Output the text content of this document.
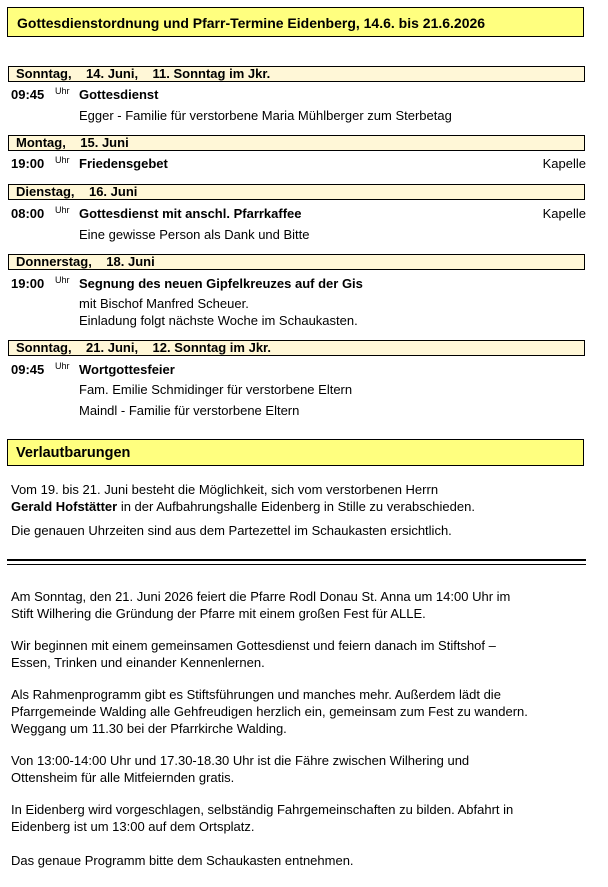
Gottesdienstordnung und Pfarr-Termine Eidenberg, 14.6. bis 21.6.2026
Sonntag,    14. Juni,    11. Sonntag im Jkr.
09:45 Uhr Gottesdienst
Egger - Familie für verstorbene Maria Mühlberger zum Sterbetag
Montag,    15. Juni
19:00 Uhr Friedensgebet	Kapelle
Dienstag,    16. Juni
08:00 Uhr Gottesdienst mit anschl. Pfarrkaffee	Kapelle
Eine gewisse Person als Dank und Bitte
Donnerstag,    18. Juni
19:00 Uhr Segnung des neuen Gipfelkreuzes auf der Gis
mit Bischof Manfred Scheuer.
Einladung folgt nächste Woche im Schaukasten.
Sonntag,    21. Juni,    12. Sonntag im Jkr.
09:45 Uhr Wortgottesfeier
Fam. Emilie Schmidinger für verstorbene Eltern
Maindl - Familie für verstorbene Eltern
Verlautbarungen
Vom 19. bis 21. Juni besteht die Möglichkeit, sich vom verstorbenen Herrn
Gerald Hofstätter in der Aufbahrungshalle Eidenberg in Stille zu verabschieden.
Die genauen Uhrzeiten sind aus dem Partezettel im Schaukasten ersichtlich.
Am Sonntag, den 21. Juni 2026 feiert die Pfarre Rodl Donau St. Anna um 14:00 Uhr im
Stift Wilhering die Gründung der Pfarre mit einem großen Fest für ALLE.
Wir beginnen mit einem gemeinsamen Gottesdienst und feiern danach im Stiftshof –
Essen, Trinken und einander Kennenlernen.
Als Rahmenprogramm gibt es Stiftsführungen und manches mehr. Außerdem lädt die
Pfarrgemeinde Walding alle Gehfreudigen herzlich ein, gemeinsam zum Fest zu wandern.
Weggang um 11.30 bei der Pfarrkirche Walding.
Von 13:00-14:00 Uhr und 17.30-18.30 Uhr ist die Fähre zwischen Wilhering und
Ottensheim für alle Mitfeiernden gratis.
In Eidenberg wird vorgeschlagen, selbständig Fahrgemeinschaften zu bilden. Abfahrt in
Eidenberg ist um 13:00 auf dem Ortsplatz.
Das genaue Programm bitte dem Schaukasten entnehmen.
